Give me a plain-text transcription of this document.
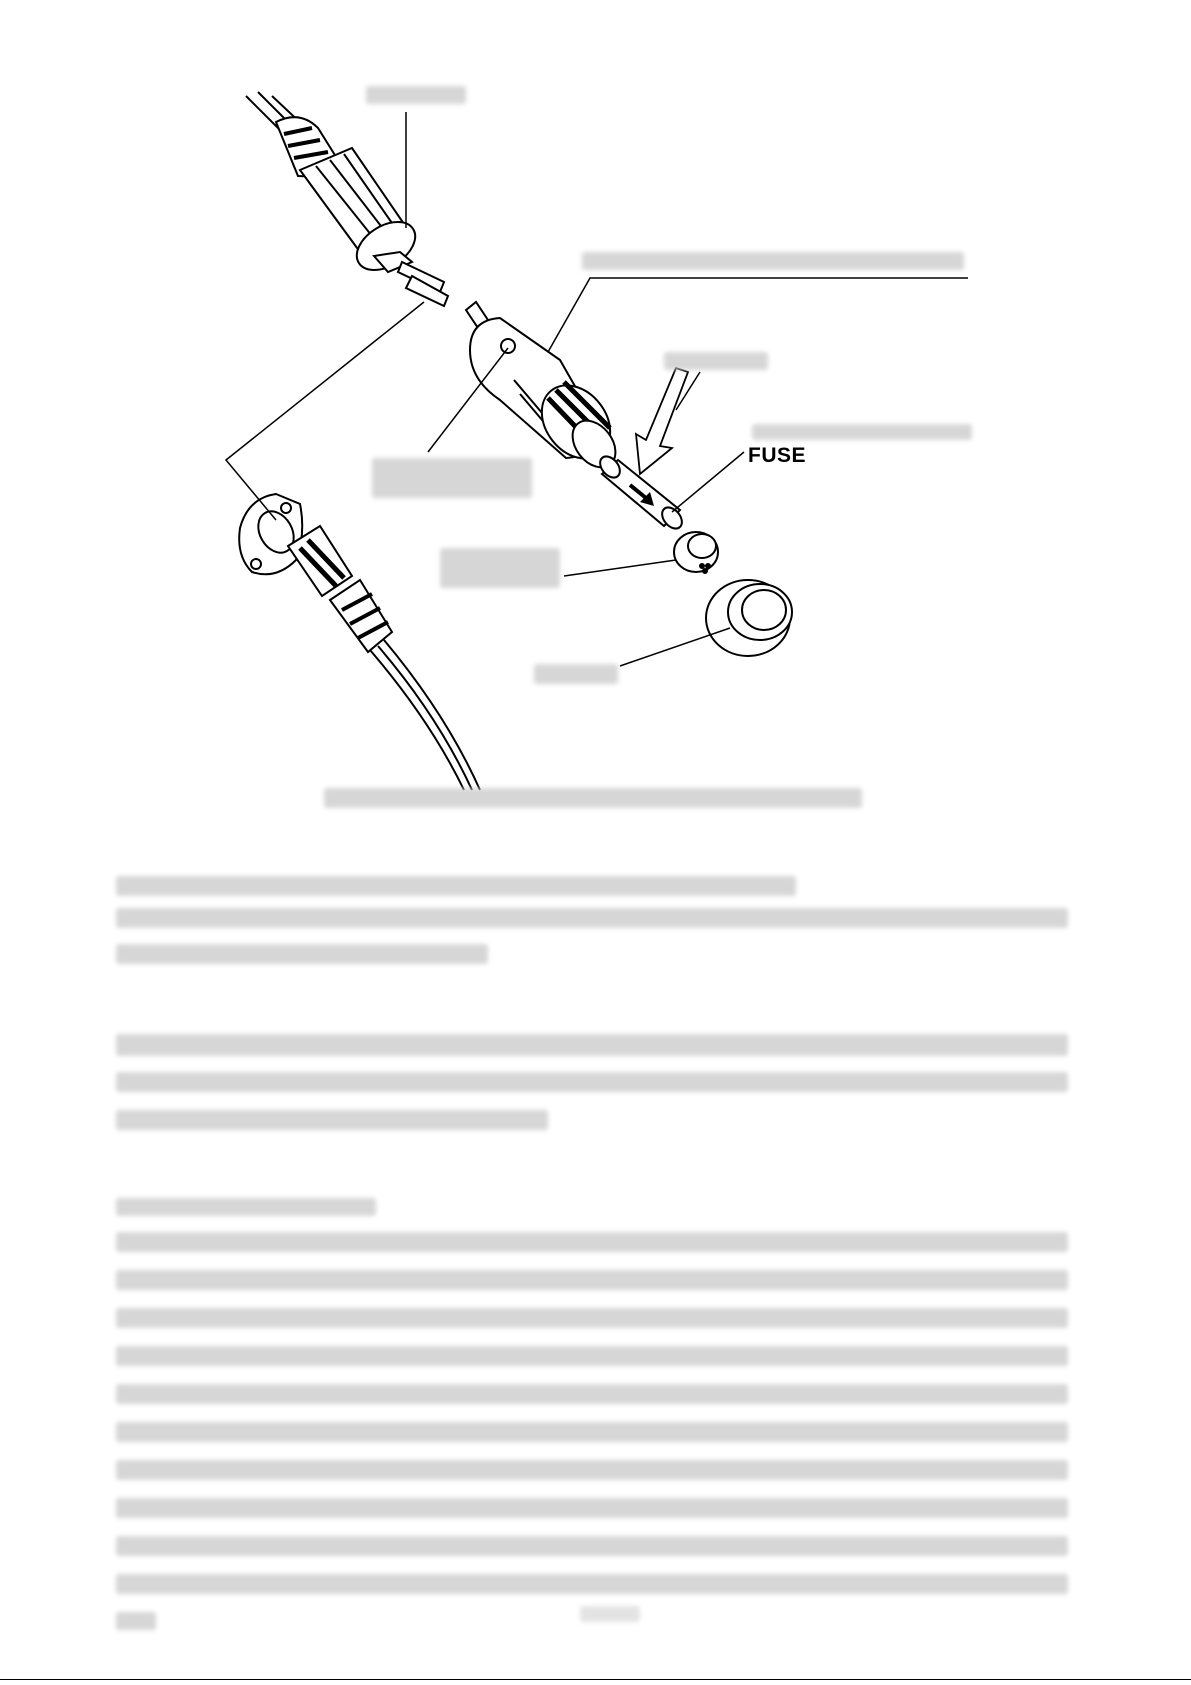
FUSE
